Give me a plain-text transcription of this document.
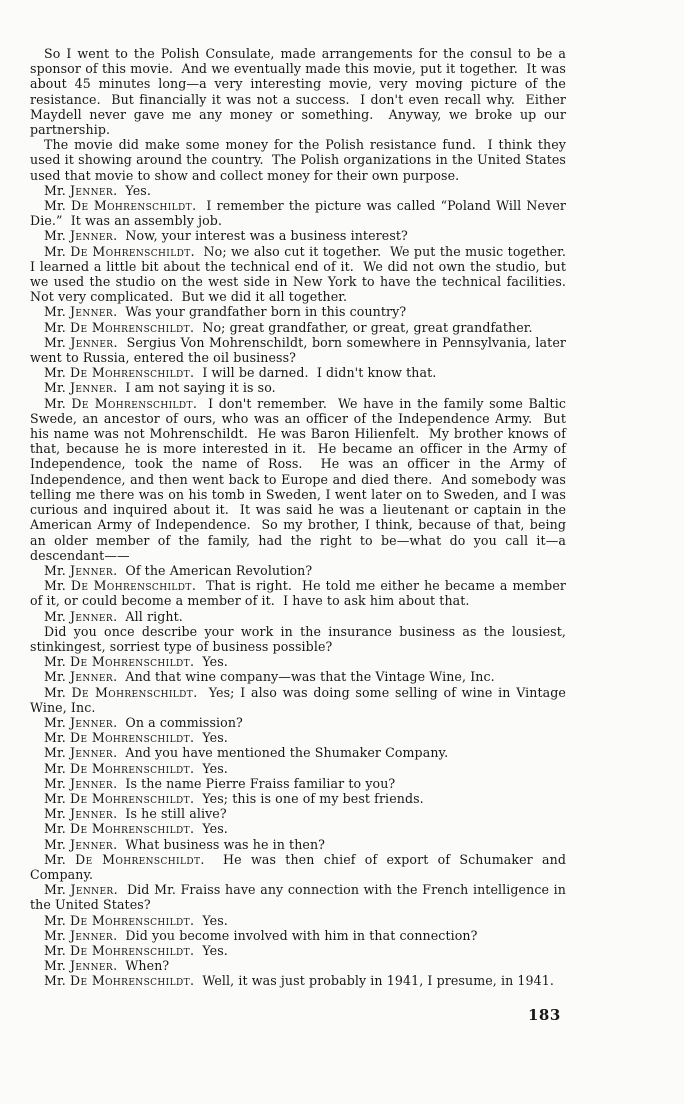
So I went to the Polish Consulate, made arrangements for the consul to be a sponsor of this movie.  And we eventually made this movie, put it together.  It was about 45 minutes long—a very interesting movie, very moving picture of the resistance.  But financially it was not a success.  I don't even recall why.  Either Maydell never gave me any money or something.  Anyway, we broke up our partnership.

The movie did make some money for the Polish resistance fund.  I think they used it showing around the country.  The Polish organizations in the United States used that movie to show and collect money for their own purpose.

Mr. Jenner.  Yes.

Mr. De Mohrenschildt.  I remember the picture was called “Poland Will Never Die.”  It was an assembly job.

Mr. Jenner.  Now, your interest was a business interest?

Mr. De Mohrenschildt.  No; we also cut it together.  We put the music together.  I learned a little bit about the technical end of it.  We did not own the studio, but we used the studio on the west side in New York to have the technical facilities.  Not very complicated.  But we did it all together.

Mr. Jenner.  Was your grandfather born in this country?

Mr. De Mohrenschildt.  No; great grandfather, or great, great grandfather.

Mr. Jenner.  Sergius Von Mohrenschildt, born somewhere in Pennsylvania, later went to Russia, entered the oil business?

Mr. De Mohrenschildt.  I will be darned.  I didn't know that.

Mr. Jenner.  I am not saying it is so.

Mr. De Mohrenschildt.  I don't remember.  We have in the family some Baltic Swede, an ancestor of ours, who was an officer of the Independence Army.  But his name was not Mohrenschildt.  He was Baron Hilienfelt.  My brother knows of that, because he is more interested in it.  He became an officer in the Army of Independence, took the name of Ross.  He was an officer in the Army of Independence, and then went back to Europe and died there.  And somebody was telling me there was on his tomb in Sweden, I went later on to Sweden, and I was curious and inquired about it.  It was said he was a lieutenant or captain in the American Army of Independence.  So my brother, I think, because of that, being an older member of the family, had the right to be—what do you call it—a descendant——

Mr. Jenner.  Of the American Revolution?

Mr. De Mohrenschildt.  That is right.  He told me either he became a member of it, or could become a member of it.  I have to ask him about that.

Mr. Jenner.  All right.

Did you once describe your work in the insurance business as the lousiest, stinkingest, sorriest type of business possible?

Mr. De Mohrenschildt.  Yes.

Mr. Jenner.  And that wine company—was that the Vintage Wine, Inc.

Mr. De Mohrenschildt.  Yes; I also was doing some selling of wine in Vintage Wine, Inc.

Mr. Jenner.  On a commission?

Mr. De Mohrenschildt.  Yes.

Mr. Jenner.  And you have mentioned the Shumaker Company.

Mr. De Mohrenschildt.  Yes.

Mr. Jenner.  Is the name Pierre Fraiss familiar to you?

Mr. De Mohrenschildt.  Yes; this is one of my best friends.

Mr. Jenner.  Is he still alive?

Mr. De Mohrenschildt.  Yes.

Mr. Jenner.  What business was he in then?

Mr. De Mohrenschildt.  He was then chief of export of Schumaker and Company.

Mr. Jenner.  Did Mr. Fraiss have any connection with the French intelligence in the United States?

Mr. De Mohrenschildt.  Yes.

Mr. Jenner.  Did you become involved with him in that connection?

Mr. De Mohrenschildt.  Yes.

Mr. Jenner.  When?

Mr. De Mohrenschildt.  Well, it was just probably in 1941, I presume, in 1941.

183
